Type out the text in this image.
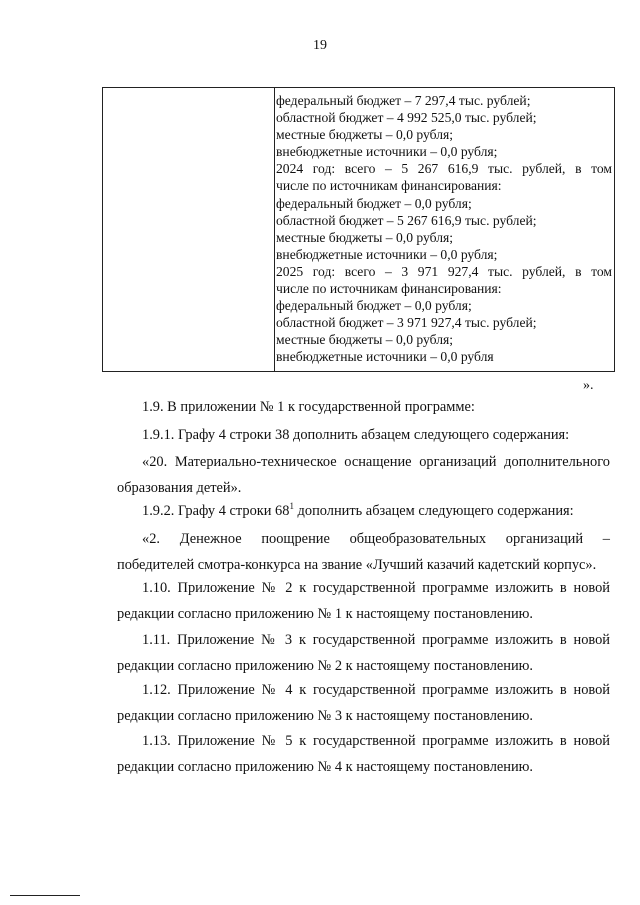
19
федеральный бюджет – 7 297,4 тыс. рублей;
областной бюджет – 4 992 525,0 тыс. рублей;
местные бюджеты – 0,0 рубля;
внебюджетные источники – 0,0 рубля;
2024 год: всего – 5 267 616,9 тыс. рублей, в том
числе по источникам финансирования:
федеральный бюджет – 0,0 рубля;
областной бюджет – 5 267 616,9 тыс. рублей;
местные бюджеты – 0,0 рубля;
внебюджетные источники – 0,0 рубля;
2025 год: всего – 3 971 927,4 тыс. рублей, в том
числе по источникам финансирования:
федеральный бюджет – 0,0 рубля;
областной бюджет – 3 971 927,4 тыс. рублей;
местные бюджеты – 0,0 рубля;
внебюджетные источники – 0,0 рубля
».
1.9. В приложении № 1 к государственной программе:
1.9.1. Графу 4 строки 38 дополнить абзацем следующего содержания:
«20. Материально-техническое оснащение организаций дополнительного
образования детей».
1.9.2. Графу 4 строки $68^1$ дополнить абзацем следующего содержания:
«2. Денежное поощрение общеобразовательных организаций –
победителей смотра-конкурса на звание «Лучший казачий кадетский корпус».
1.10. Приложение № 2 к государственной программе изложить в новой
редакции согласно приложению № 1 к настоящему постановлению.
1.11. Приложение № 3 к государственной программе изложить в новой
редакции согласно приложению № 2 к настоящему постановлению.
1.12. Приложение № 4 к государственной программе изложить в новой
редакции согласно приложению № 3 к настоящему постановлению.
1.13. Приложение № 5 к государственной программе изложить в новой
редакции согласно приложению № 4 к настоящему постановлению.
